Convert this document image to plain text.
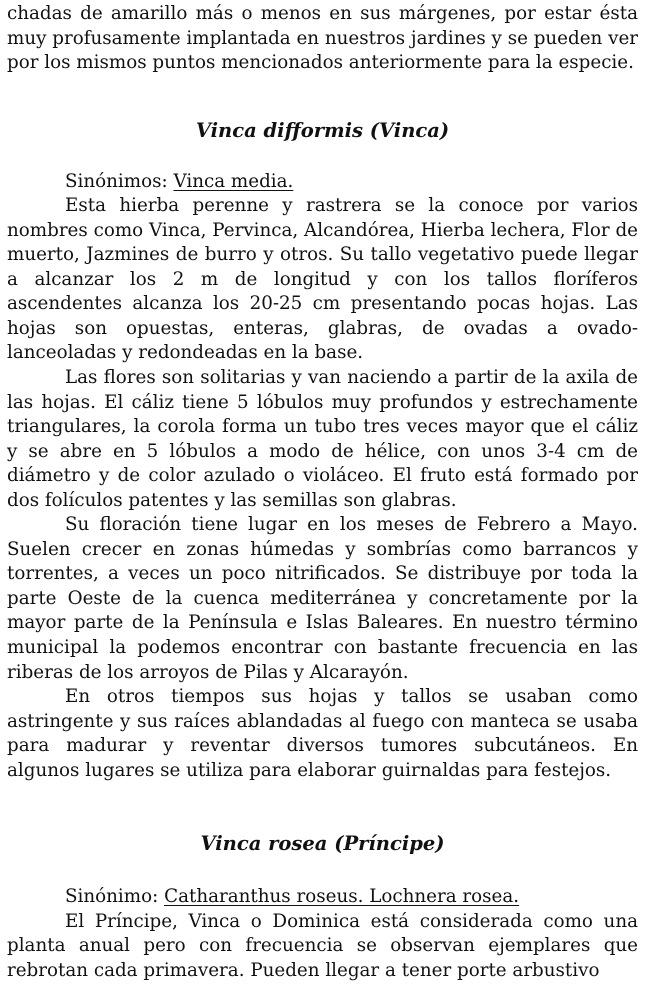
chadas de amarillo más o menos en sus márgenes, por estar ésta muy profusamente implantada en nuestros jardines y se pueden ver por los mismos puntos mencionados anteriormente para la especie.

Vinca difformis (Vinca)

Sinónimos: Vinca media.

Esta hierba perenne y rastrera se la conoce por varios nombres como Vinca, Pervinca, Alcandórea, Hierba lechera, Flor de muerto, Jazmines de burro y otros. Su tallo vegetativo puede llegar a alcanzar los 2 m de longitud y con los tallos floríferos ascendentes alcanza los 20-25 cm presentando pocas hojas. Las hojas son opuestas, enteras, glabras, de ovadas a ovado-lanceoladas y redondeadas en la base.

Las flores son solitarias y van naciendo a partir de la axila de las hojas. El cáliz tiene 5 lóbulos muy profundos y estrechamente triangulares, la corola forma un tubo tres veces mayor que el cáliz y se abre en 5 lóbulos a modo de hélice, con unos 3-4 cm de diámetro y de color azulado o violáceo. El fruto está formado por dos folículos patentes y las semillas son glabras.

Su floración tiene lugar en los meses de Febrero a Mayo. Suelen crecer en zonas húmedas y sombrías como barrancos y torrentes, a veces un poco nitrificados. Se distribuye por toda la parte Oeste de la cuenca mediterránea y concretamente por la mayor parte de la Península e Islas Baleares. En nuestro término municipal la podemos encontrar con bastante frecuencia en las riberas de los arroyos de Pilas y Alcarayón.

En otros tiempos sus hojas y tallos se usaban como astringente y sus raíces ablandadas al fuego con manteca se usaba para madurar y reventar diversos tumores subcutáneos. En algunos lugares se utiliza para elaborar guirnaldas para festejos.

Vinca rosea (Príncipe)

Sinónimo: Catharanthus roseus. Lochnera rosea.

El Príncipe, Vinca o Dominica está considerada como una planta anual pero con frecuencia se observan ejemplares que rebrotan cada primavera. Pueden llegar a tener porte arbustivo
